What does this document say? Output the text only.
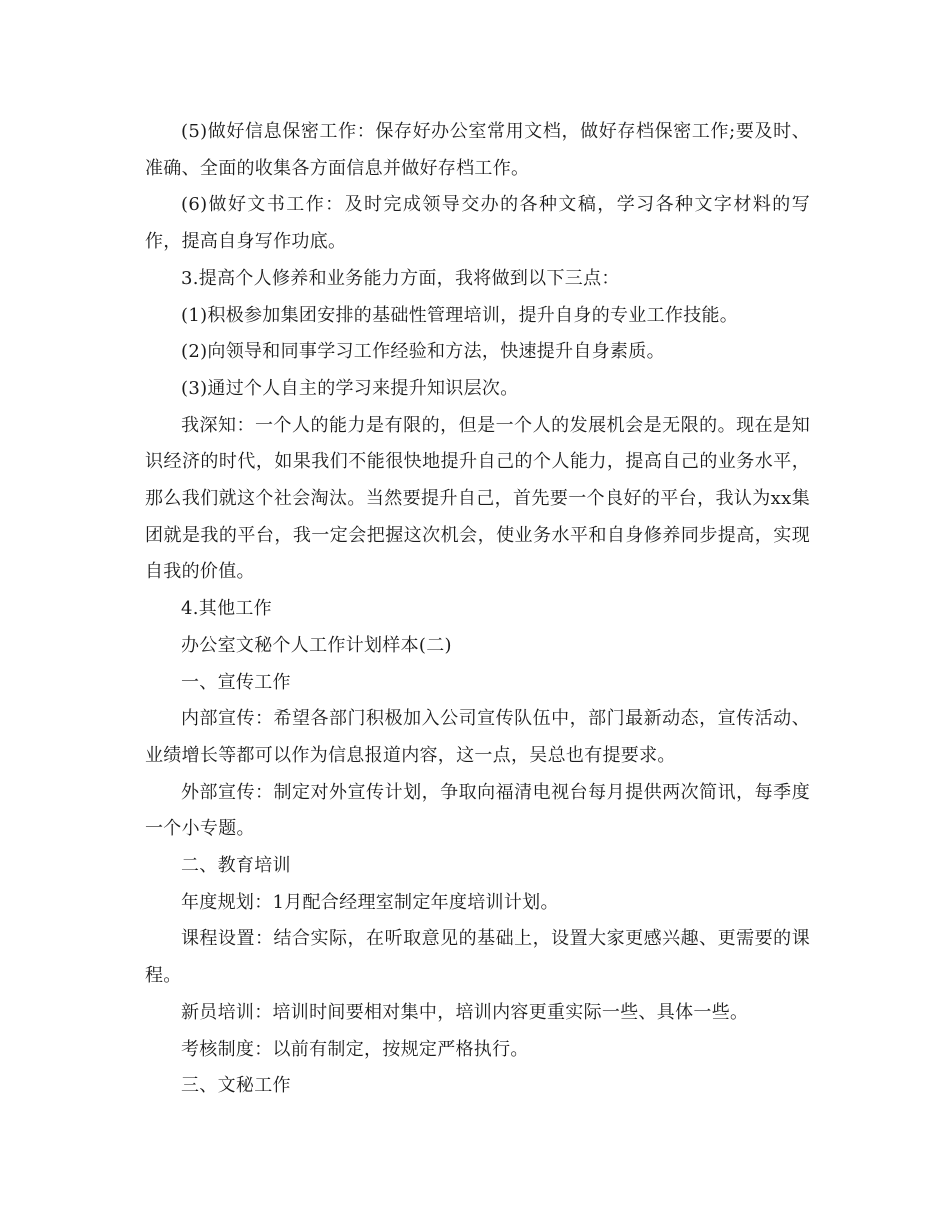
(5)做好信息保密工作：保存好办公室常用文档，做好存档保密工作;要及时、准确、全面的收集各方面信息并做好存档工作。

(6)做好文书工作：及时完成领导交办的各种文稿，学习各种文字材料的写作，提高自身写作功底。

3.提高个人修养和业务能力方面，我将做到以下三点：

(1)积极参加集团安排的基础性管理培训，提升自身的专业工作技能。

(2)向领导和同事学习工作经验和方法，快速提升自身素质。

(3)通过个人自主的学习来提升知识层次。

我深知：一个人的能力是有限的，但是一个人的发展机会是无限的。现在是知识经济的时代，如果我们不能很快地提升自己的个人能力，提高自己的业务水平，那么我们就这个社会淘汰。当然要提升自己，首先要一个良好的平台，我认为xx集团就是我的平台，我一定会把握这次机会，使业务水平和自身修养同步提高，实现自我的价值。

4.其他工作

办公室文秘个人工作计划样本(二)

一、宣传工作

内部宣传：希望各部门积极加入公司宣传队伍中，部门最新动态，宣传活动、业绩增长等都可以作为信息报道内容，这一点，吴总也有提要求。

外部宣传：制定对外宣传计划，争取向福清电视台每月提供两次简讯，每季度一个小专题。

二、教育培训

年度规划：1月配合经理室制定年度培训计划。

课程设置：结合实际，在听取意见的基础上，设置大家更感兴趣、更需要的课程。

新员培训：培训时间要相对集中，培训内容更重实际一些、具体一些。

考核制度：以前有制定，按规定严格执行。

三、文秘工作
